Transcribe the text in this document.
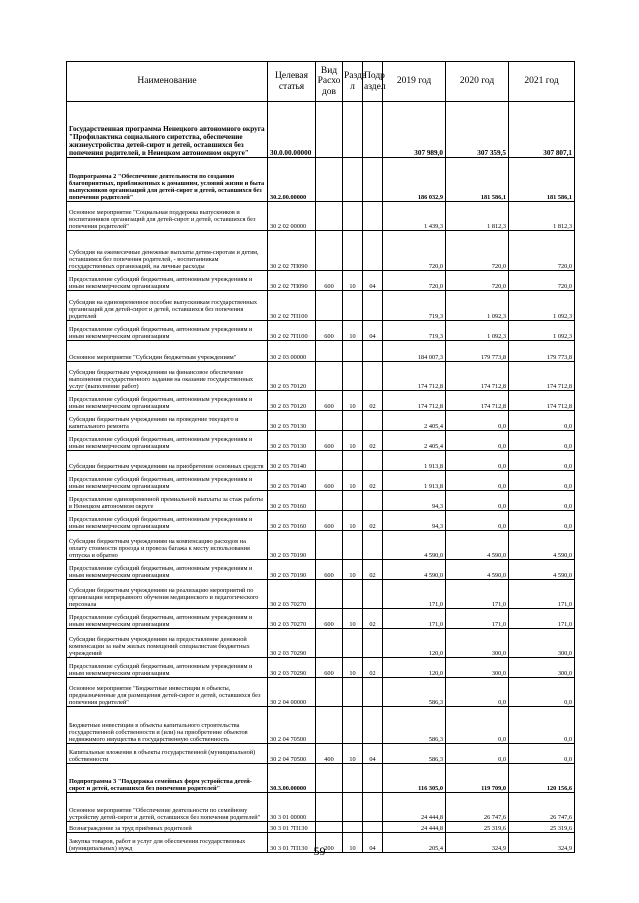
Наименование	Целевая статья	Вид Расхо дов	Разде л	Подр аздел	2019 год	2020 год	2021 год
Государственная программа Ненецкого автономного округа "Профилактика социального сиротства, обеспечение жизнеустройства детей-сирот и детей, оставшихся без попечения родителей, в Ненецком автономном округе"	30.0.00.00000				307 989,0	307 359,5	307 807,1
Подпрограмма 2 "Обеспечение деятельности по созданию благоприятных, приближенных к домашним, условий жизни и быта выпускников организаций для детей-сирот и детей, оставшихся без попечения родителей"	30.2.00.00000				186 032,9	181 586,1	181 586,1
Основное мероприятие "Социальная поддержка выпускников и воспитанников организаций для детей-сирот и детей, оставшихся без попечения родителей"	30 2 02 00000				1 439,3	1 812,3	1 812,3
Субсидия на ежемесячные денежные выплаты детям-сиротам и детям, оставшимся без попечения родителей, - воспитанникам государственных организаций, на личные расходы	30 2 02 7П090				720,0	720,0	720,0
Предоставление субсидий бюджетным, автономным учреждениям и иным некоммерческим организациям	30 2 02 7П090	600	10	04	720,0	720,0	720,0
Субсидия на единовременное пособие выпускникам государственных организаций для детей-сирот и детей, оставшихся без попечения родителей	30 2 02 7П100				719,3	1 092,3	1 092,3
Предоставление субсидий бюджетным, автономным учреждениям и иным некоммерческим организациям	30 2 02 7П100	600	10	04	719,3	1 092,3	1 092,3
Основное мероприятие "Субсидии бюджетным учреждениям"	30 2 03 00000				184 007,3	179 773,8	179 773,8
Субсидии бюджетным учреждениям на финансовое обеспечение выполнения государственного задания на оказание государственных услуг (выполнение работ)	30 2 03 70120				174 712,8	174 712,8	174 712,8
Предоставление субсидий бюджетным, автономным учреждениям и иным некоммерческим организациям	30 2 03 70120	600	10	02	174 712,8	174 712,8	174 712,8
Субсидии бюджетным учреждениям на проведение текущего и капитального ремонта	30 2 03 70130				2 405,4	0,0	0,0
Предоставление субсидий бюджетным, автономным учреждениям и иным некоммерческим организациям	30 2 03 70130	600	10	02	2 405,4	0,0	0,0
Субсидии бюджетным учреждениям на приобретение основных средств	30 2 03 70140				1 913,8	0,0	0,0
Предоставление субсидий бюджетным, автономным учреждениям и иным некоммерческим организациям	30 2 03 70140	600	10	02	1 913,8	0,0	0,0
Предоставление единовременной премиальной выплаты за стаж работы в Ненецком автономном округе	30 2 03 70160				94,3	0,0	0,0
Предоставление субсидий бюджетным, автономным учреждениям и иным некоммерческим организациям	30 2 03 70160	600	10	02	94,3	0,0	0,0
Субсидии бюджетным учреждениям на компенсацию расходов на оплату стоимости проезда и провоза багажа к месту использования отпуска и обратно	30 2 03 70190				4 590,0	4 590,0	4 590,0
Предоставление субсидий бюджетным, автономным учреждениям и иным некоммерческим организациям	30 2 03 70190	600	10	02	4 590,0	4 590,0	4 590,0
Субсидии бюджетным учреждениям на реализацию мероприятий по организации непрерывного обучения медицинского и педагогического персонала	30 2 03 70270				171,0	171,0	171,0
Предоставление субсидий бюджетным, автономным учреждениям и иным некоммерческим организациям	30 2 03 70270	600	10	02	171,0	171,0	171,0
Субсидии бюджетным учреждениям на предоставление денежной компенсации за наём жилых помещений специалистам бюджетных учреждений	30 2 03 70290				120,0	300,0	300,0
Предоставление субсидий бюджетным, автономным учреждениям и иным некоммерческим организациям	30 2 03 70290	600	10	02	120,0	300,0	300,0
Основное мероприятие "Бюджетные инвестиции в объекты, предназначенные для размещения детей-сирот и детей, оставшихся без попечения родителей"	30 2 04 00000				586,3	0,0	0,0
Бюджетные инвестиции в объекты капитального строительства государственной собственности и (или) на приобретение объектов недвижимого имущества в государственную собственность	30 2 04 70500				586,3	0,0	0,0
Капитальные вложения в объекты государственной (муниципальной) собственности	30 2 04 70500	400	10	04	586,3	0,0	0,0
Подпрограмма 3 "Поддержка семейных форм устройства детей-сирот и детей, оставшихся без попечения родителей"	30.3.00.00000				116 305,0	119 709,0	120 156,6
Основное мероприятие "Обеспечение деятельности по семейному устройству детей-сирот и детей, оставшихся без попечения родителей"	30 3 01 00000				24 444,8	26 747,6	26 747,6
Вознаграждение за труд приёмных родителей	30 3 01 7П130				24 444,8	25 319,6	25 319,6
Закупка товаров, работ и услуг для обеспечения государственных (муниципальных) нужд	30 3 01 7П130	200	10	04	205,4	324,9	324,9
59
